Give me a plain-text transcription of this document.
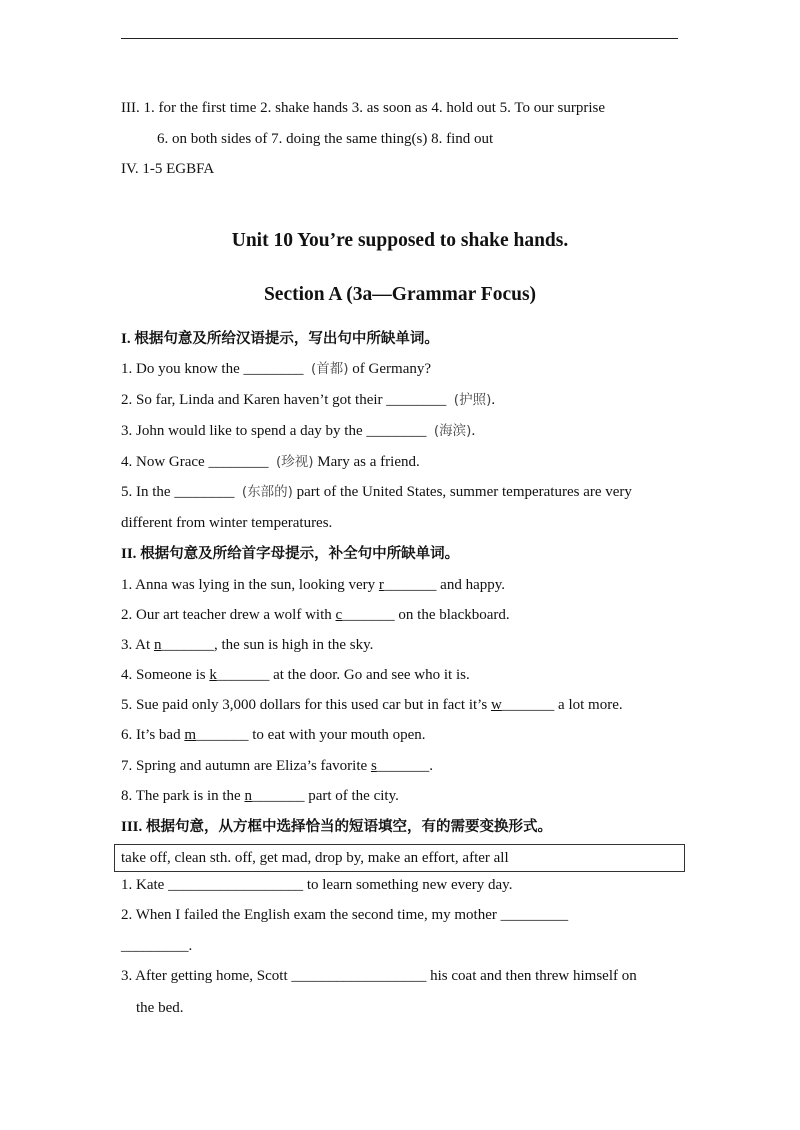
III. 1. for the first time 2. shake hands 3. as soon as 4. hold out 5. To our surprise
6. on both sides of 7. doing the same thing(s) 8. find out
IV. 1-5 EGBFA
Unit 10 You’re supposed to shake hands.
Section A (3a—Grammar Focus)
I. 根据句意及所给汉语提示，写出句中所缺单词。
1. Do you know the ________ (首都) of Germany?
2. So far, Linda and Karen haven’t got their ________ (护照).
3. John would like to spend a day by the ________ (海滨).
4. Now Grace ________ (珍视) Mary as a friend.
5. In the ________ (东部的) part of the United States, summer temperatures are very
different from winter temperatures.
II. 根据句意及所给首字母提示，补全句中所缺单词。
1. Anna was lying in the sun, looking very r_______ and happy.
2. Our art teacher drew a wolf with c_______ on the blackboard.
3. At n_______, the sun is high in the sky.
4. Someone is k_______ at the door. Go and see who it is.
5. Sue paid only 3,000 dollars for this used car but in fact it’s w_______ a lot more.
6. It’s bad m_______ to eat with your mouth open.
7. Spring and autumn are Eliza’s favorite s_______.
8. The park is in the n_______ part of the city.
III. 根据句意，从方框中选择恰当的短语填空，有的需要变换形式。
take off, clean sth. off, get mad, drop by, make an effort, after all
1. Kate __________________ to learn something new every day.
2. When I failed the English exam the second time, my mother _________
_________.
3. After getting home, Scott __________________ his coat and then threw himself on
the bed.
